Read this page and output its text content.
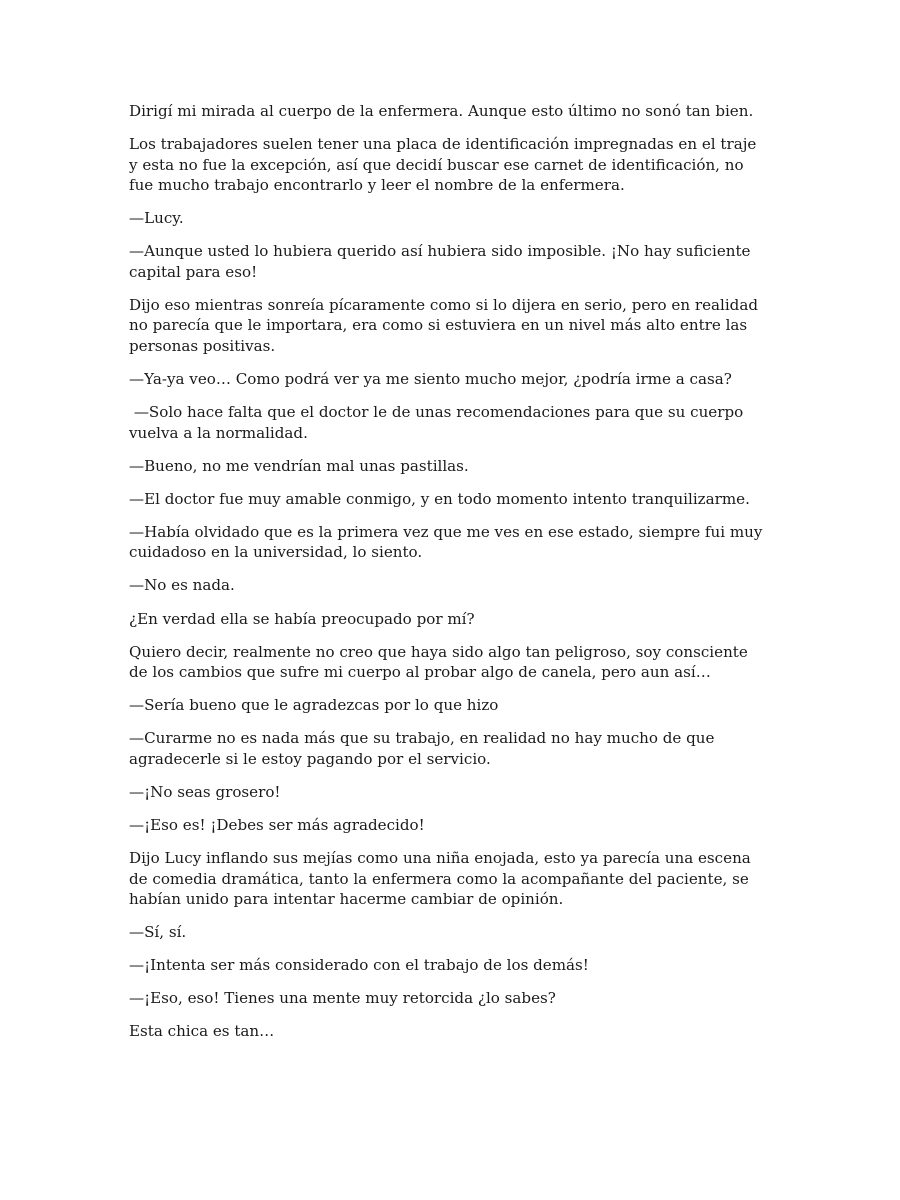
Dirigí mi mirada al cuerpo de la enfermera. Aunque esto último no sonó tan bien.

Los trabajadores suelen tener una placa de identificación impregnadas en el traje y esta no fue la excepción, así que decidí buscar ese carnet de identificación, no fue mucho trabajo encontrarlo y leer el nombre de la enfermera.

—Lucy.

—Aunque usted lo hubiera querido así hubiera sido imposible. ¡No hay suficiente capital para eso!

Dijo eso mientras sonreía pícaramente como si lo dijera en serio, pero en realidad no parecía que le importara, era como si estuviera en un nivel más alto entre las personas positivas.

—Ya-ya veo… Como podrá ver ya me siento mucho mejor, ¿podría irme a casa?

—Solo hace falta que el doctor le de unas recomendaciones para que su cuerpo vuelva a la normalidad.

—Bueno, no me vendrían mal unas pastillas.

—El doctor fue muy amable conmigo, y en todo momento intento tranquilizarme.

—Había olvidado que es la primera vez que me ves en ese estado, siempre fui muy cuidadoso en la universidad, lo siento.

—No es nada.

¿En verdad ella se había preocupado por mí?

Quiero decir, realmente no creo que haya sido algo tan peligroso, soy consciente de los cambios que sufre mi cuerpo al probar algo de canela, pero aun así…

—Sería bueno que le agradezcas por lo que hizo

—Curarme no es nada más que su trabajo, en realidad no hay mucho de que agradecerle si le estoy pagando por el servicio.

—¡No seas grosero!

—¡Eso es! ¡Debes ser más agradecido!

Dijo Lucy inflando sus mejías como una niña enojada, esto ya parecía una escena de comedia dramática, tanto la enfermera como la acompañante del paciente, se habían unido para intentar hacerme cambiar de opinión.

—Sí, sí.

—¡Intenta ser más considerado con el trabajo de los demás!

—¡Eso, eso! Tienes una mente muy retorcida ¿lo sabes?

Esta chica es tan…
